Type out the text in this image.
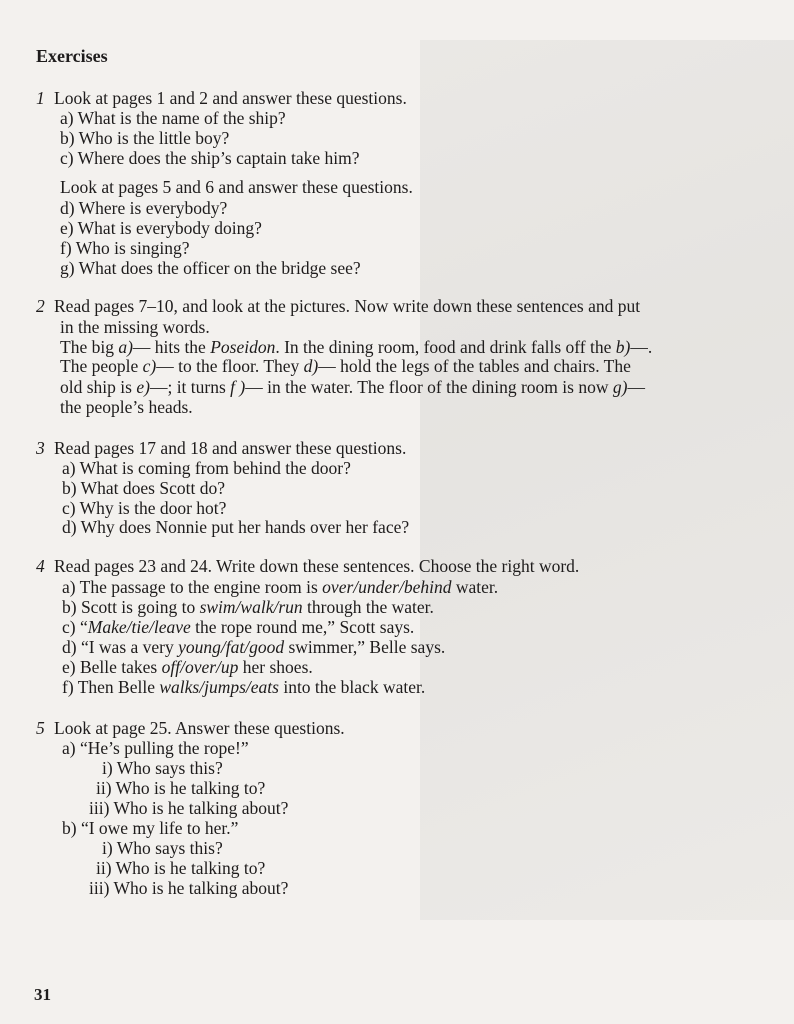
Exercises
1 Look at pages 1 and 2 and answer these questions.
a) What is the name of the ship?
b) Who is the little boy?
c) Where does the ship’s captain take him?
Look at pages 5 and 6 and answer these questions.
d) Where is everybody?
e) What is everybody doing?
f) Who is singing?
g) What does the officer on the bridge see?
2 Read pages 7–10, and look at the pictures. Now write down these sentences and put
in the missing words.
The big a)— hits the Poseidon. In the dining room, food and drink falls off the b)—.
The people c)— to the floor. They d)— hold the legs of the tables and chairs. The
old ship is e)—; it turns f )— in the water. The floor of the dining room is now g)—
the people’s heads.
3 Read pages 17 and 18 and answer these questions.
a) What is coming from behind the door?
b) What does Scott do?
c) Why is the door hot?
d) Why does Nonnie put her hands over her face?
4 Read pages 23 and 24. Write down these sentences. Choose the right word.
a) The passage to the engine room is over/under/behind water.
b) Scott is going to swim/walk/run through the water.
c) “Make/tie/leave the rope round me,” Scott says.
d) “I was a very young/fat/good swimmer,” Belle says.
e) Belle takes off/over/up her shoes.
f) Then Belle walks/jumps/eats into the black water.
5 Look at page 25. Answer these questions.
a) “He’s pulling the rope!”
i) Who says this?
ii) Who is he talking to?
iii) Who is he talking about?
b) “I owe my life to her.”
i) Who says this?
ii) Who is he talking to?
iii) Who is he talking about?
31
